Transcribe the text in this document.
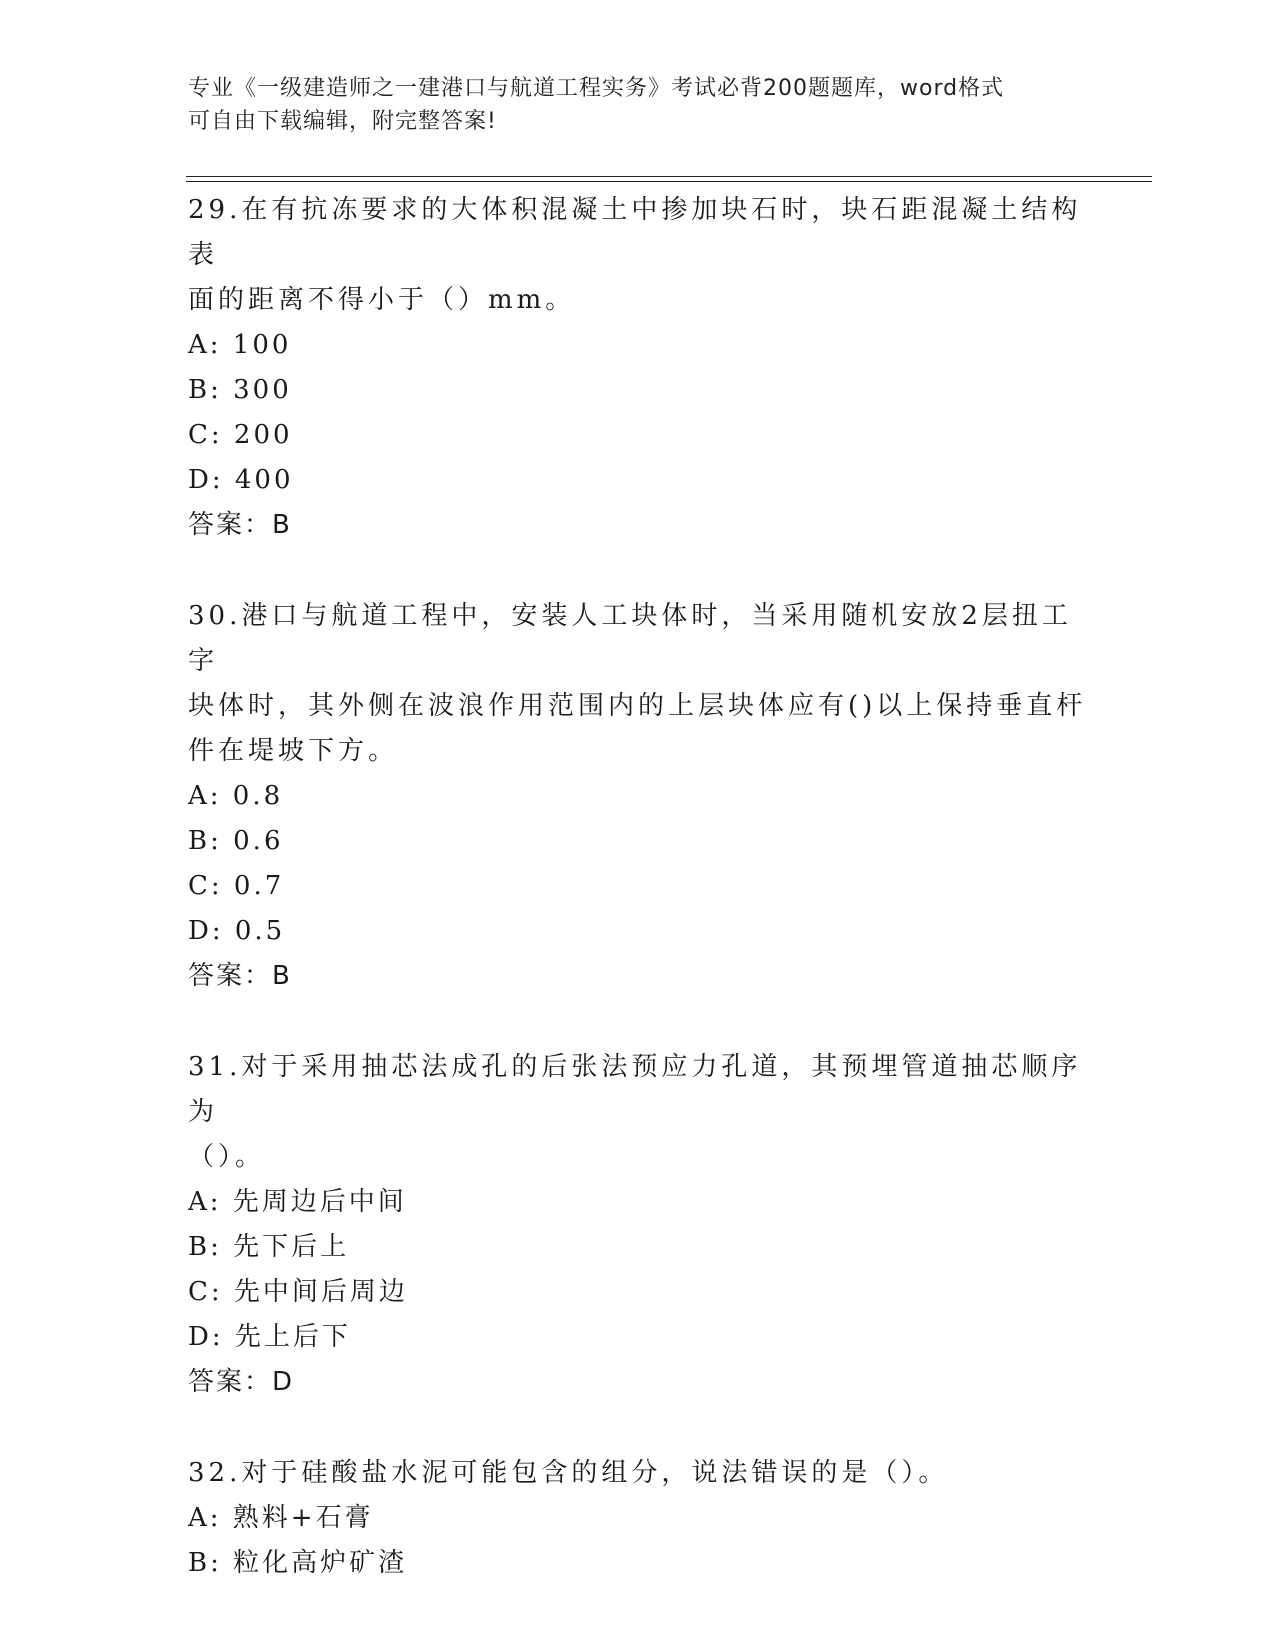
专业《一级建造师之一建港口与航道工程实务》考试必背200题题库，word格式
可自由下载编辑，附完整答案!

29.在有抗冻要求的大体积混凝土中掺加块石时，块石距混凝土结构表

面的距离不得小于（）mm。

A: 100

B: 300

C: 200

D: 400

答案：B

30.港口与航道工程中，安装人工块体时，当采用随机安放2层扭工字

块体时，其外侧在波浪作用范围内的上层块体应有()以上保持垂直杆

件在堤坡下方。

A: 0.8

B: 0.6

C: 0.7

D: 0.5

答案：B

31.对于采用抽芯法成孔的后张法预应力孔道，其预埋管道抽芯顺序为

（）。

A: 先周边后中间

B: 先下后上

C: 先中间后周边

D: 先上后下

答案：D

32.对于硅酸盐水泥可能包含的组分，说法错误的是（）。

A: 熟料+石膏

B: 粒化高炉矿渣
